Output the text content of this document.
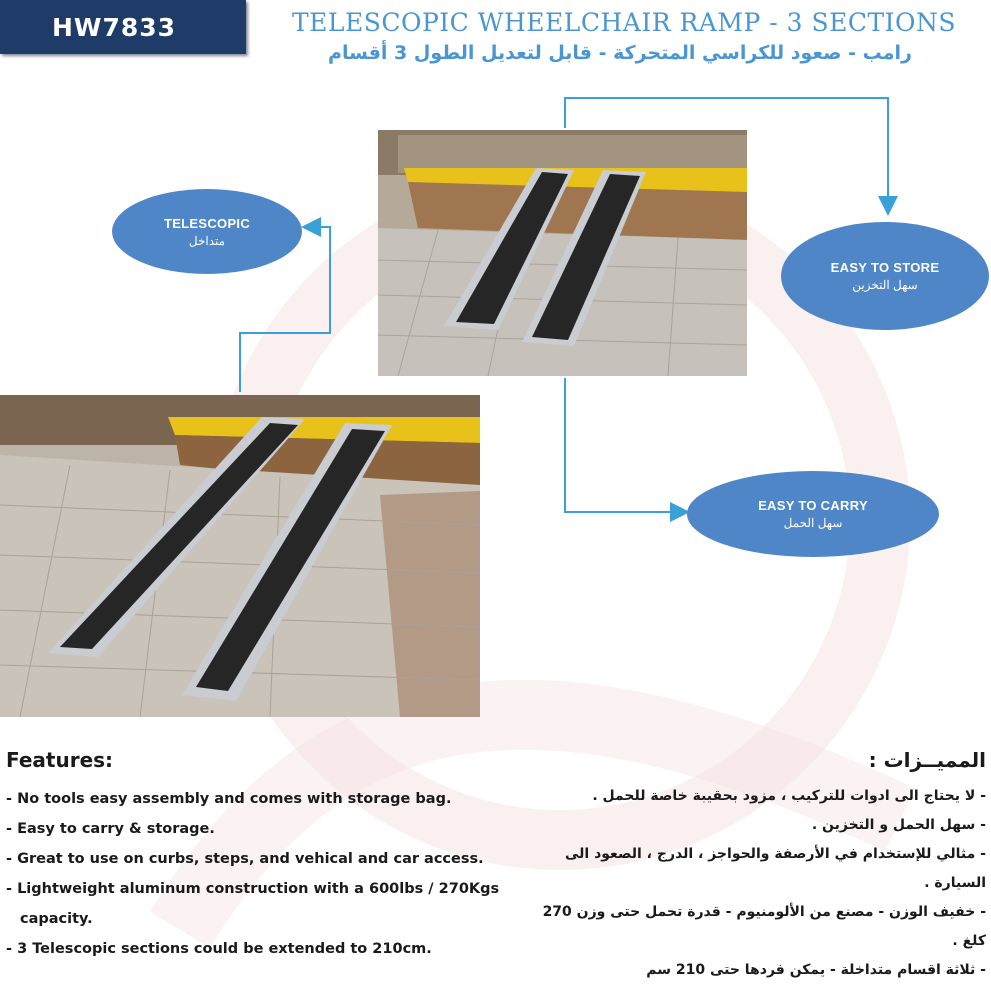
HW7833	TELESCOPIC WHEELCHAIR RAMP - 3 SECTIONS
رامب - صعود للكراسي المتحركة - قابل لتعديل الطول 3 أقسام
TELESCOPIC
متداخل
EASY TO STORE
سهل التخزين
EASY TO CARRY
سهل الحمل
Features:
- No tools easy assembly and comes with storage bag.
- Easy to carry & storage.
- Great to use on curbs, steps, and vehical and car access.
- Lightweight aluminum construction with a 600lbs / 270Kgs capacity.
- 3 Telescopic sections could be extended to 210cm.
المميــزات :
- لا يحتاج الى ادوات للتركيب ، مزود بحقيبة خاصة للحمل .
- سهل الحمل و التخزين .
- مثالي للإستخدام في الأرصفة والحواجز ، الدرج ، الصعود الى السيارة .
- خفيف الوزن - مصنع من الألومنيوم - قدرة تحمل حتى وزن 270 كلغ .
- ثلاثة اقسام متداخلة - يمكن فردها حتى 210 سم
